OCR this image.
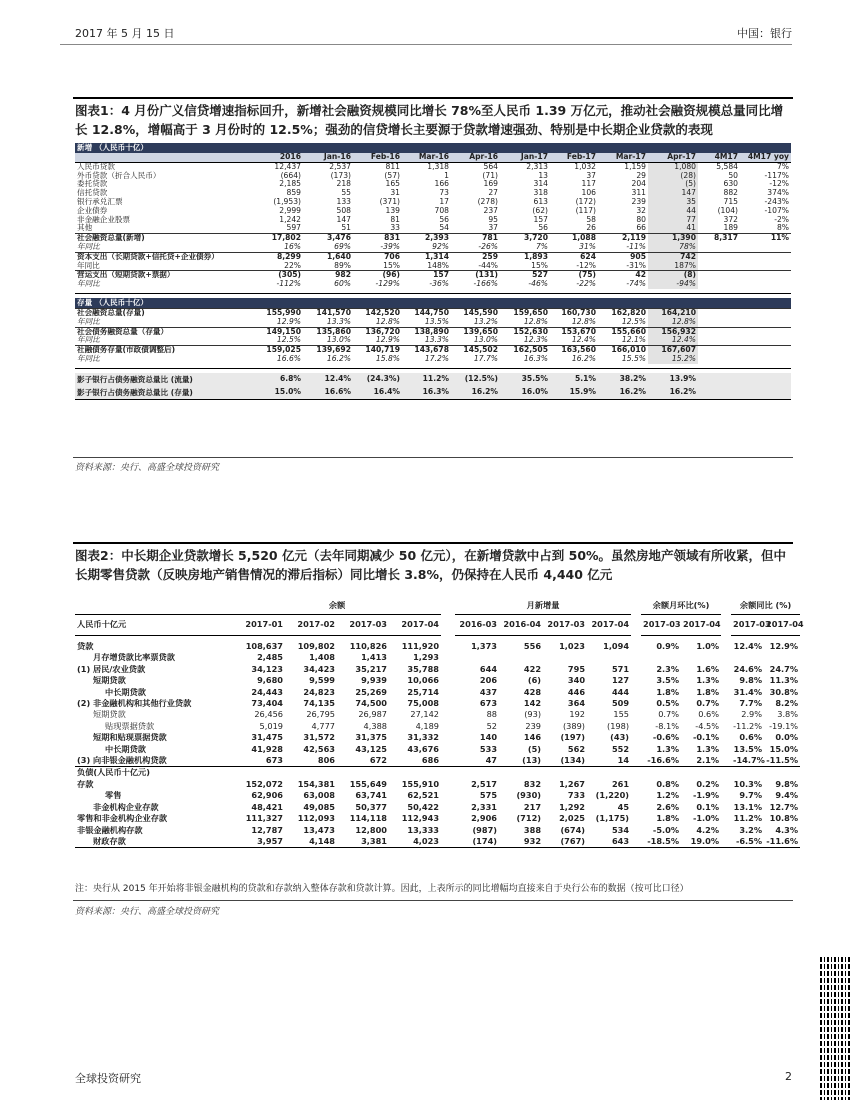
2017 年 5 月 15 日	中国：银行
图表1：4 月份广义信贷增速指标回升，新增社会融资规模同比增长 78%至人民币 1.39 万亿元，推动社会融资规模总量同比增长 12.8%，增幅高于 3 月份时的 12.5%；强劲的信贷增长主要源于贷款增速强劲、特别是中长期企业贷款的表现
新增 （人民币十亿）											
	2016	Jan-16	Feb-16	Mar-16	Apr-16	Jan-17	Feb-17	Mar-17	Apr-17	4M17	4M17 yoy
人民币贷款	12,437	2,537	811	1,318	564	2,313	1,032	1,159	1,080	5,584	7%
外币贷款（折合人民币）	(664)	(173)	(57)	1	(71)	13	37	29	(28)	50	-117%
委托贷款	2,185	218	165	166	169	314	117	204	(5)	630	-12%
信托贷款	859	55	31	73	27	318	106	311	147	882	374%
银行承兑汇票	(1,953)	133	(371)	17	(278)	613	(172)	239	35	715	-243%
企业债券	2,999	508	139	708	237	(62)	(117)	32	44	(104)	-107%
非金融企业股票	1,242	147	81	56	95	157	58	80	77	372	-2%
其他	597	51	33	54	37	56	26	66	41	189	8%
社会融资总量(新增)	17,802	3,476	831	2,393	781	3,720	1,088	2,119	1,390	8,317	11%
年同比	16%	69%	-39%	92%	-26%	7%	31%	-11%	78%		
资本支出（长期贷款+信托贷+企业债券）	8,299	1,640	706	1,314	259	1,893	624	905	742		
年同比	22%	89%	15%	148%	-44%	15%	-12%	-31%	187%		
营运支出（短期贷款+票据）	(305)	982	(96)	157	(131)	527	(75)	42	(8)		
年同比	-112%	60%	-129%	-36%	-166%	-46%	-22%	-74%	-94%		

存量 （人民币十亿）											
社会融资总量(存量)	155,990	141,570	142,520	144,750	145,590	159,650	160,730	162,820	164,210		
年同比	12.9%	13.3%	12.8%	13.5%	13.2%	12.8%	12.8%	12.5%	12.8%		
社会债务融资总量（存量）	149,150	135,860	136,720	138,890	139,650	152,630	153,670	155,660	156,932		
年同比	12.5%	13.0%	12.9%	13.3%	13.0%	12.3%	12.4%	12.1%	12.4%		
社融债务存量(市政债调整后)	159,025	139,692	140,719	143,678	145,502	162,505	163,560	166,010	167,607		
年同比	16.6%	16.2%	15.8%	17.2%	17.7%	16.3%	16.2%	15.5%	15.2%		

影子银行占债务融资总量比 (流量)	6.8%	12.4%	(24.3%)	11.2%	(12.5%)	35.5%	5.1%	38.2%	13.9%		
影子银行占债务融资总量比 (存量)	15.0%	16.6%	16.4%	16.3%	16.2%	16.0%	15.9%	16.2%	16.2%		
资料来源：央行、高盛全球投资研究
图表2：中长期企业贷款增长 5,520 亿元（去年同期减少 50 亿元），在新增贷款中占到 50%。虽然房地产领域有所收紧，但中长期零售贷款（反映房地产销售情况的滞后指标）同比增长 3.8%，仍保持在人民币 4,440 亿元
	余额					月新增量					余额月环比(%)			余额同比 (%)	
人民币十亿元	2017-01	2017-02	2017-03	2017-04		2016-03	2016-04	2017-03	2017-04		2017-03	2017-04		2017-03	2017-04

贷款	108,637	109,802	110,826	111,920		1,373	556	1,023	1,094		0.9%	1.0%		12.4%	12.9%
月存增贷款比率票贷款	2,485	1,408	1,413	1,293											
(1) 居民/农业贷款	34,123	34,423	35,217	35,788		644	422	795	571		2.3%	1.6%		24.6%	24.7%
短期贷款	9,680	9,599	9,939	10,066		206	(6)	340	127		3.5%	1.3%		9.8%	11.3%
中长期贷款	24,443	24,823	25,269	25,714		437	428	446	444		1.8%	1.8%		31.4%	30.8%
(2) 非金融机构和其他行业贷款	73,404	74,135	74,500	75,008		673	142	364	509		0.5%	0.7%		7.7%	8.2%
短期贷款	26,456	26,795	26,987	27,142		88	(93)	192	155		0.7%	0.6%		2.9%	3.8%
贴现票据贷款	5,019	4,777	4,388	4,189		52	239	(389)	(198)		-8.1%	-4.5%		-11.2%	-19.1%
短期和贴现票据贷款	31,475	31,572	31,375	31,332		140	146	(197)	(43)		-0.6%	-0.1%		0.6%	0.0%
中长期贷款	41,928	42,563	43,125	43,676		533	(5)	562	552		1.3%	1.3%		13.5%	15.0%
(3) 向非银金融机构贷款	673	806	672	686		47	(13)	(134)	14		-16.6%	2.1%		-14.7%	-11.5%
负债(人民币十亿元)															
存款	152,072	154,381	155,649	155,910		2,517	832	1,267	261		0.8%	0.2%		10.3%	9.8%
零售	62,906	63,008	63,741	62,521		575	(930)	733	(1,220)		1.2%	-1.9%		9.7%	9.4%
非金机构企业存款	48,421	49,085	50,377	50,422		2,331	217	1,292	45		2.6%	0.1%		13.1%	12.7%
零售和非金机构企业存款	111,327	112,093	114,118	112,943		2,906	(712)	2,025	(1,175)		1.8%	-1.0%		11.2%	10.8%
非银金融机构存款	12,787	13,473	12,800	13,333		(987)	388	(674)	534		-5.0%	4.2%		3.2%	4.3%
财政存款	3,957	4,148	3,381	4,023		(174)	932	(767)	643		-18.5%	19.0%		-6.5%	-11.6%
注：央行从 2015 年开始将非银金融机构的贷款和存款纳入整体存款和贷款计算。因此，上表所示的同比增幅均直接来自于央行公布的数据（按可比口径）
资料来源：央行、高盛全球投资研究
全球投资研究	2
